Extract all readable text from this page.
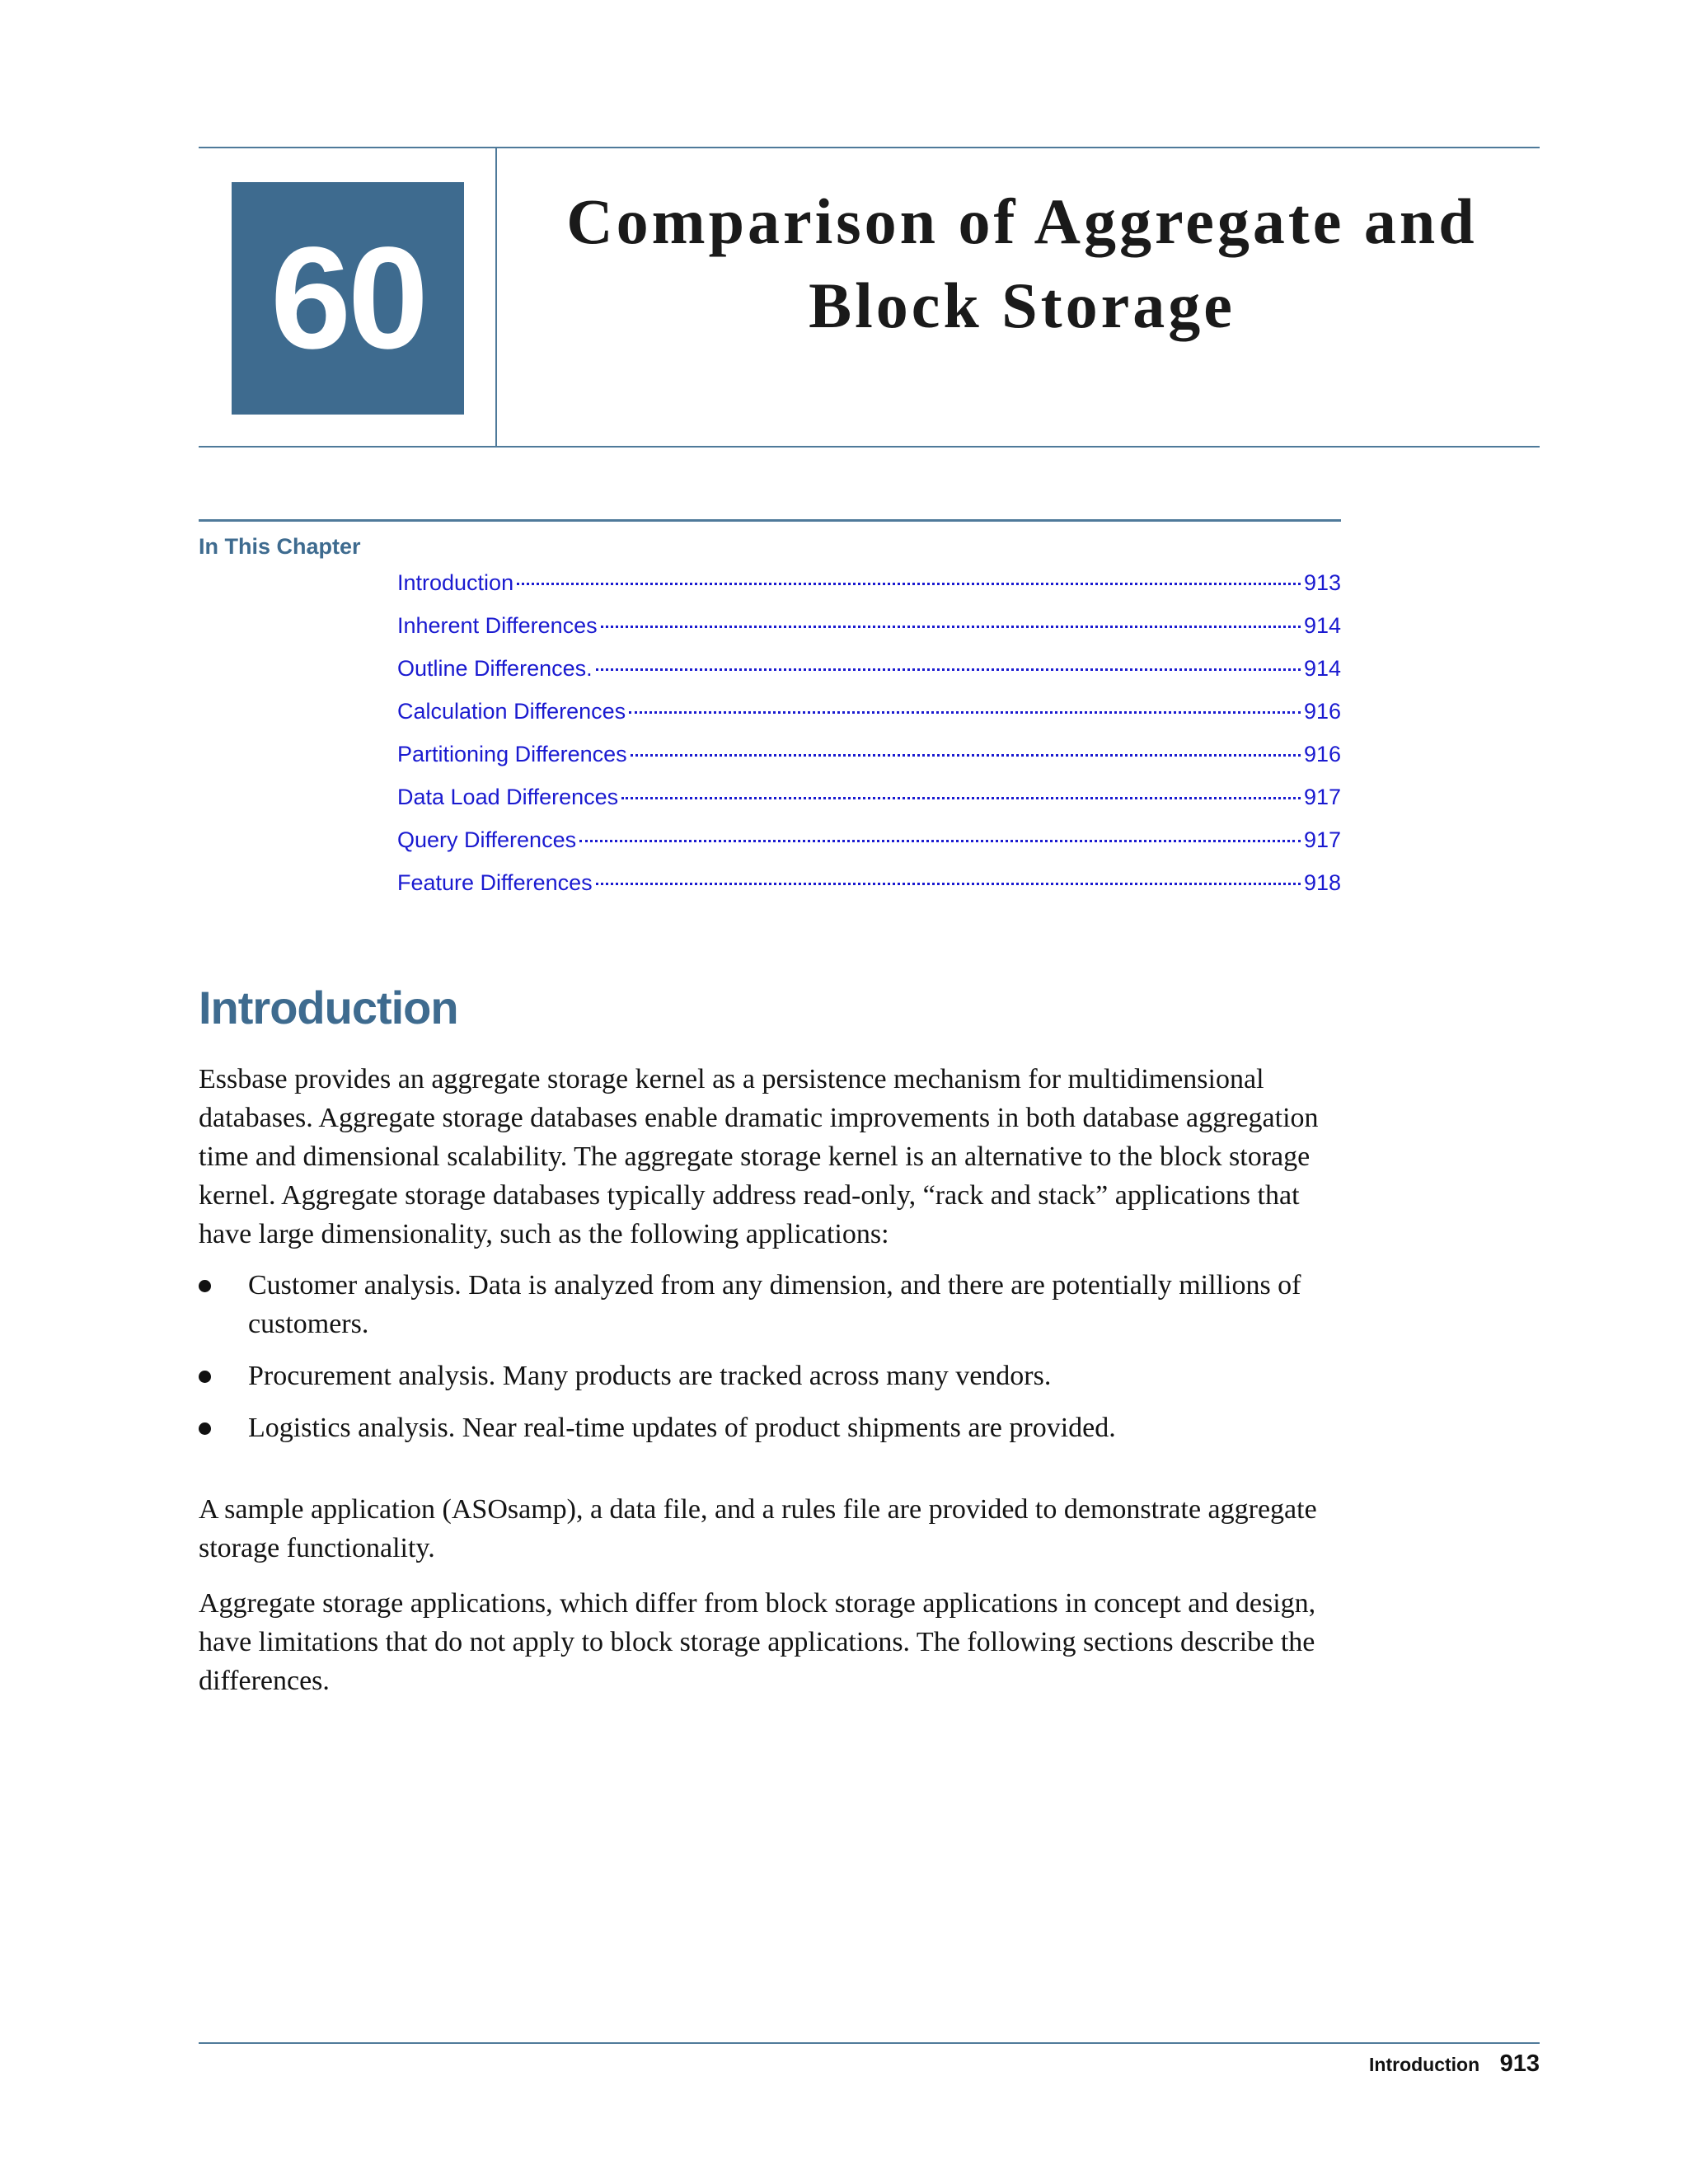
60	Comparison of Aggregate and
Block Storage
In This Chapter
Introduction	913
Inherent Differences	914
Outline Differences.	914
Calculation Differences	916
Partitioning Differences	916
Data Load Differences	917
Query Differences	917
Feature Differences	918
Introduction

Essbase provides an aggregate storage kernel as a persistence mechanism for multidimensional databases. Aggregate storage databases enable dramatic improvements in both database aggregation time and dimensional scalability. The aggregate storage kernel is an alternative to the block storage kernel. Aggregate storage databases typically address read-only, “rack and stack” applications that have large dimensionality, such as the following applications:

Customer analysis. Data is analyzed from any dimension, and there are potentially millions of customers.
Procurement analysis. Many products are tracked across many vendors.
Logistics analysis. Near real-time updates of product shipments are provided.

A sample application (ASOsamp), a data file, and a rules file are provided to demonstrate aggregate storage functionality.

Aggregate storage applications, which differ from block storage applications in concept and design, have limitations that do not apply to block storage applications. The following sections describe the differences.

Introduction 913
